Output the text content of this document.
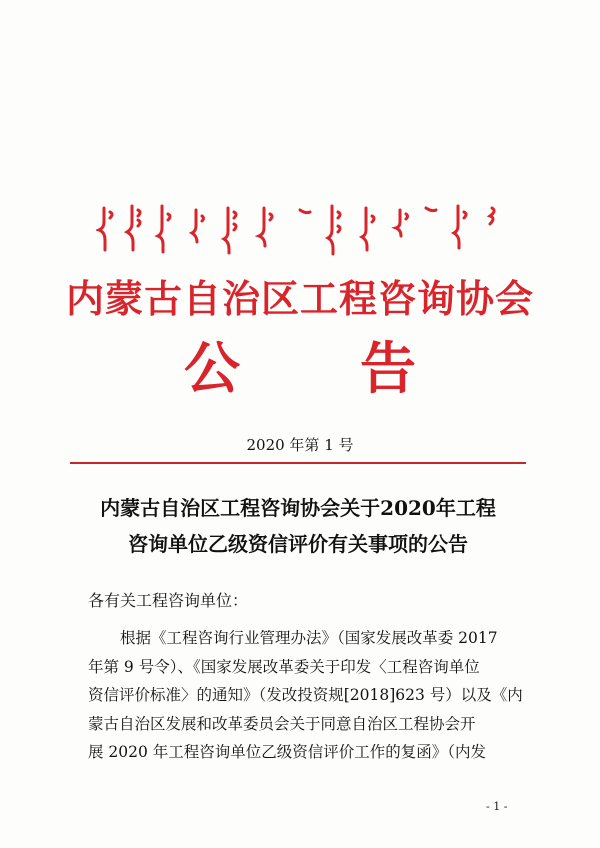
内蒙古自治区工程咨询协会
公 告
2020 年第 1 号
内蒙古自治区工程咨询协会关于2020年工程
咨询单位乙级资信评价有关事项的公告
各有关工程咨询单位：
根据《工程咨询行业管理办法》（国家发展改革委 2017
年第 9 号令）、《国家发展改革委关于印发〈工程咨询单位
资信评价标准〉的通知》（发改投资规[2018]623 号）以及《内
蒙古自治区发展和改革委员会关于同意自治区工程协会开
展 2020 年工程咨询单位乙级资信评价工作的复函》（内发
- 1 -
